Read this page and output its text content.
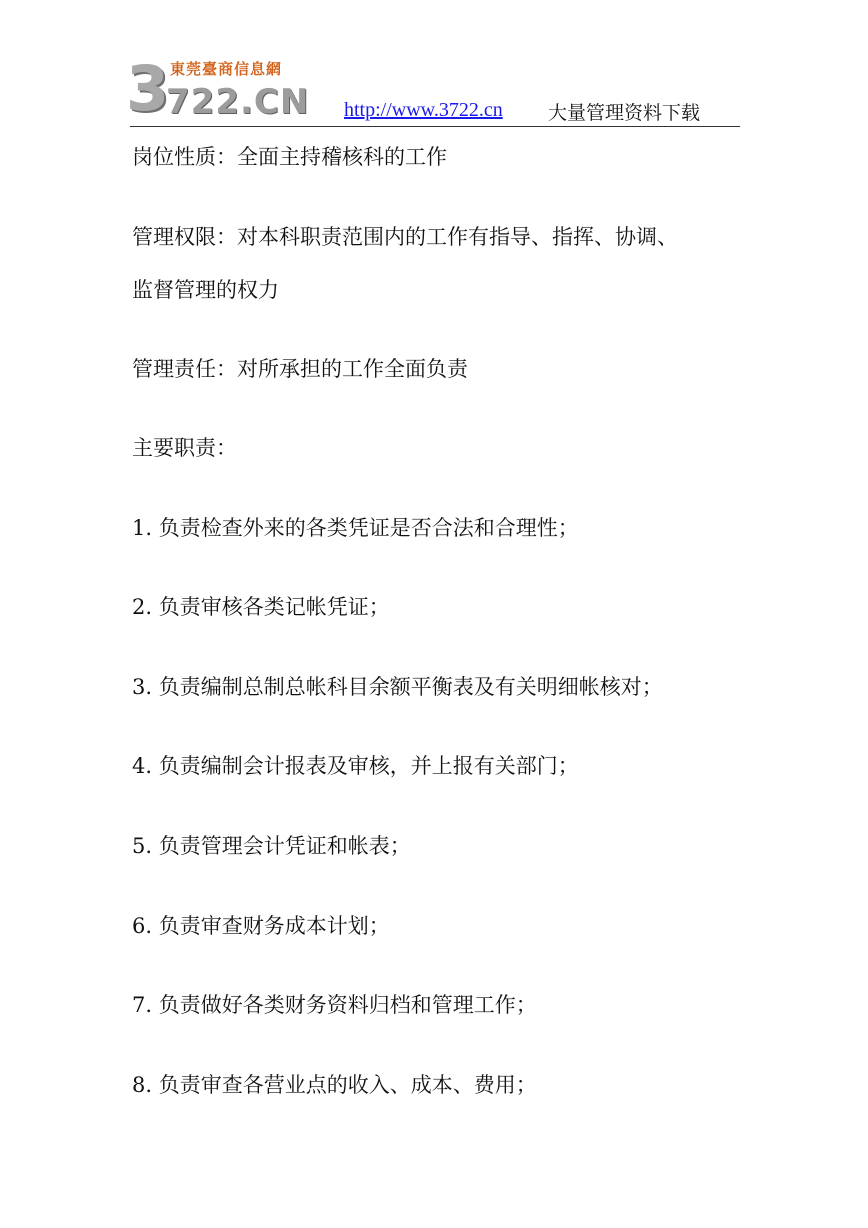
3 東莞臺商信息網
722.CN http://www.3722.cn 大量管理资料下载

岗位性质：全面主持稽核科的工作

管理权限：对本科职责范围内的工作有指导、指挥、协调、

监督管理的权力

管理责任：对所承担的工作全面负责

主要职责：

1. 负责检查外来的各类凭证是否合法和合理性；

2. 负责审核各类记帐凭证；

3. 负责编制总制总帐科目余额平衡表及有关明细帐核对；

4. 负责编制会计报表及审核，并上报有关部门；

5. 负责管理会计凭证和帐表；

6. 负责审查财务成本计划；

7. 负责做好各类财务资料归档和管理工作；

8. 负责审查各营业点的收入、成本、费用；
